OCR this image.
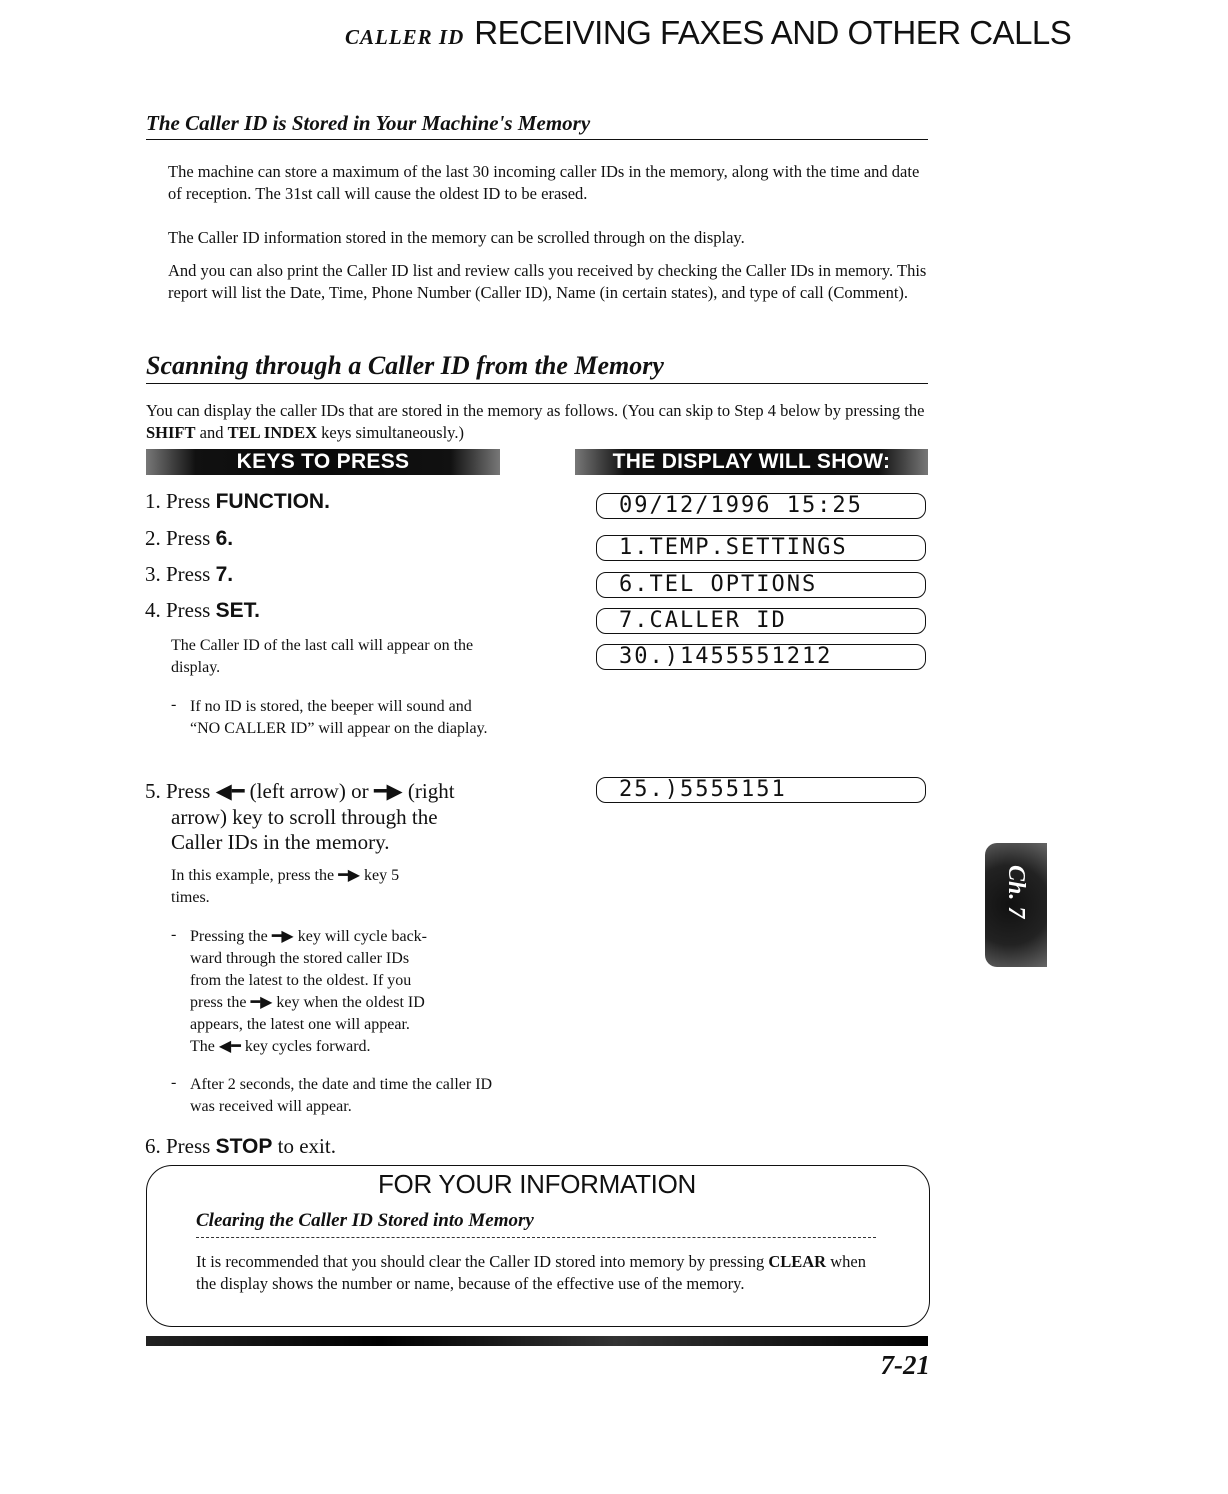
CALLER ID RECEIVING FAXES AND OTHER CALLS
The Caller ID is Stored in Your Machine's Memory

The machine can store a maximum of the last 30 incoming caller IDs in the memory, along with the time and date of reception. The 31st call will cause the oldest ID to be erased.

The Caller ID information stored in the memory can be scrolled through on the display.

And you can also print the Caller ID list and review calls you received by checking the Caller IDs in memory. This report will list the Date, Time, Phone Number (Caller ID), Name (in certain states), and type of call (Comment).

Scanning through a Caller ID from the Memory

You can display the caller IDs that are stored in the memory as follows. (You can skip to Step 4 below by pressing the SHIFT and TEL INDEX keys simultaneously.)

KEYS TO PRESS	THE DISPLAY WILL SHOW:
1. Press FUNCTION.
2. Press 6.
3. Press 7.
4. Press SET.

The Caller ID of the last call will appear on the display.

- If no ID is stored, the beeper will sound and “NO CALLER ID” will appear on the diaplay.

5. Press ◀━ (left arrow) or ━▶ (right
arrow) key to scroll through the
Caller IDs in the memory.
In this example, press the ━▶ key 5
times.
- Pressing the ━▶ key will cycle back-
ward through the stored caller IDs
from the latest to the oldest. If you
press the ━▶ key when the oldest ID
appears, the latest one will appear.
The ◀━ key cycles forward.
- After 2 seconds, the date and time the caller ID was received will appear.

6. Press STOP to exit.
09/12/1996 15:25
1.TEMP.SETTINGS
6.TEL OPTIONS
7.CALLER ID
30.)1455551212
25.)5555151
Ch. 7
FOR YOUR INFORMATION
Clearing the Caller ID Stored into Memory

It is recommended that you should clear the Caller ID stored into memory by pressing CLEAR when the display shows the number or name, because of the effective use of the memory.

7-21
